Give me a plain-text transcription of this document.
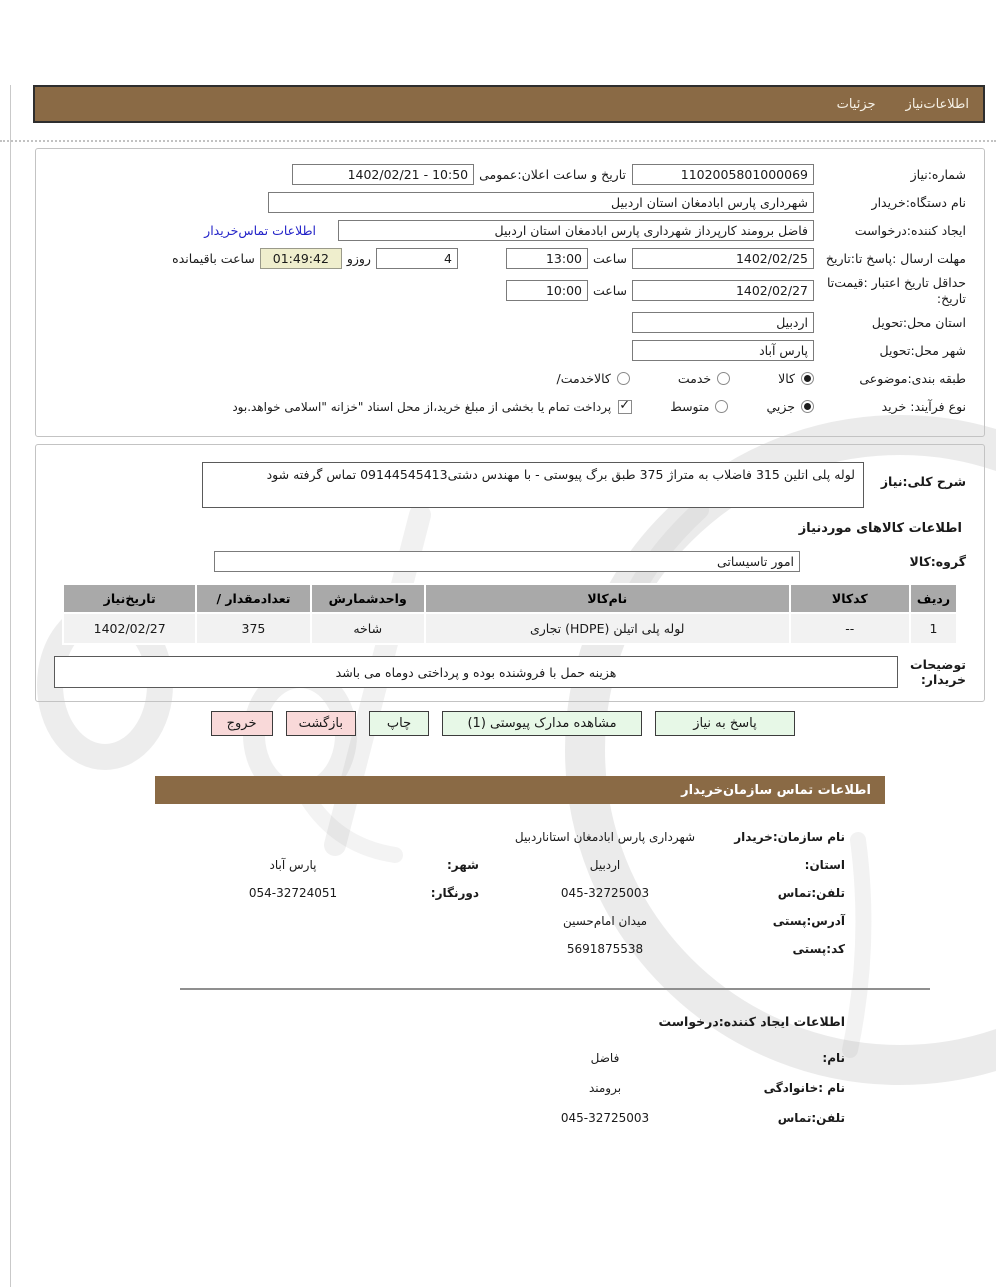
اطلاعات‌نیاز
جزئیات
شماره:نیاز
1102005801000069
تاریخ و ساعت اعلان:عمومی
1402/02/21 - 10:50
نام دستگاه:خریدار
شهرداری پارس ابادمغان استان اردبیل
ایجاد کننده:درخواست
فاضل برومند کارپرداز شهرداری پارس ابادمغان استان اردبیل
اطلاعات تماس‌خریدار
مهلت ارسال :پاسخ تا:تاریخ
1402/02/25
ساعت
13:00
4
روزو
01:49:42
ساعت باقیمانده
حداقل تاریخ اعتبار :قیمت‌تا
تاریخ:
1402/02/27
ساعت
10:00
استان محل:تحویل
اردبیل
شهر محل:تحویل
پارس آباد
طبقه بندی:موضوعی
کالا
خدمت
کالاخدمت/
نوع فرآیند: خرید
جزیي
متوسط
✓
پرداخت تمام یا بخشی از مبلغ خرید،از محل اسناد "خزانه "اسلامی خواهد.بود
شرح کلی:نیاز
لوله پلی اتلین 315 فاضلاب به متراژ 375 طبق برگ پیوستی - با مهندس دشتی09144545413 تماس گرفته شود
اطلاعات کالاهای موردنیاز
گروه:کالا
امور تاسیساتی
ردیف	کدکالا	نام‌کالا	واحدشمارش	تعدادمقدار /	تاریخ‌نیاز
1	--	لوله پلی اتیلن (HDPE) تجاری	شاخه	375	1402/02/27
توضیحات
خریدار:
هزینه حمل با فروشنده بوده و پرداختی دوماه می باشد
پاسخ به نیاز
مشاهده مدارک پیوستی (1)
چاپ
بازگشت
خروج
اطلاعات تماس سازمان‌خریدار
نام سازمان:خریدار
شهرداری پارس ابادمغان استاناردبیل
استان:
اردبیل
شهر:
پارس آباد
تلفن:تماس
045-32725003
دورنگار:
054-32724051
آدرس:پستی
میدان امام‌حسین
کد:پستی
5691875538
اطلاعات ایجاد کننده:درخواست
نام:
فاضل
نام :خانوادگی
برومند
تلفن:تماس
045-32725003
